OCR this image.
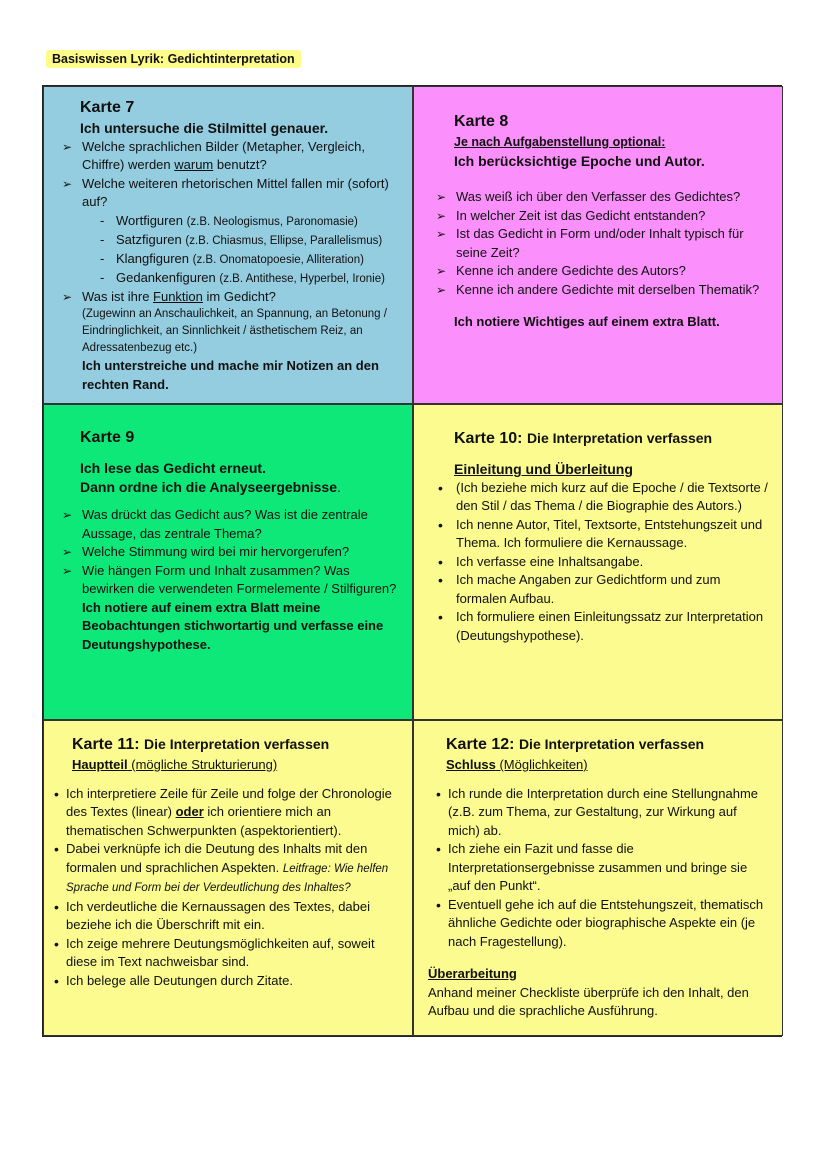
Basiswissen Lyrik: Gedichtinterpretation
Karte 7
Ich untersuche die Stilmittel genauer.
➢ Welche sprachlichen Bilder (Metapher, Vergleich, Chiffre) werden warum benutzt?
➢ Welche weiteren rhetorischen Mittel fallen mir (sofort) auf?
- Wortfiguren (z.B. Neologismus, Paronomasie)
- Satzfiguren (z.B. Chiasmus, Ellipse, Parallelismus)
- Klangfiguren (z.B. Onomatopoesie, Alliteration)
- Gedankenfiguren (z.B. Antithese, Hyperbel, Ironie)
➢ Was ist ihre Funktion im Gedicht?
(Zugewinn an Anschaulichkeit, an Spannung, an Betonung / Eindringlichkeit, an Sinnlichkeit / ästhetischem Reiz, an Adressatenbezug etc.)
Ich unterstreiche und mache mir Notizen an den rechten Rand.
Karte 8
Je nach Aufgabenstellung optional:
Ich berücksichtige Epoche und Autor.
➢ Was weiß ich über den Verfasser des Gedichtes?
➢ In welcher Zeit ist das Gedicht entstanden?
➢ Ist das Gedicht in Form und/oder Inhalt typisch für seine Zeit?
➢ Kenne ich andere Gedichte des Autors?
➢ Kenne ich andere Gedichte mit derselben Thematik?
Ich notiere Wichtiges auf einem extra Blatt.
Karte 9
Ich lese das Gedicht erneut.
Dann ordne ich die Analyseergebnisse.
➢ Was drückt das Gedicht aus? Was ist die zentrale Aussage, das zentrale Thema?
➢ Welche Stimmung wird bei mir hervorgerufen?
➢ Wie hängen Form und Inhalt zusammen? Was bewirken die verwendeten Formelemente / Stilfiguren?
Ich notiere auf einem extra Blatt meine Beobachtungen stichwortartig und verfasse eine Deutungshypothese.
Karte 10: Die Interpretation verfassen
Einleitung und Überleitung
• (Ich beziehe mich kurz auf die Epoche / die Textsorte / den Stil / das Thema / die Biographie des Autors.)
• Ich nenne Autor, Titel, Textsorte, Entstehungszeit und Thema. Ich formuliere die Kernaussage.
• Ich verfasse eine Inhaltsangabe.
• Ich mache Angaben zur Gedichtform und zum formalen Aufbau.
• Ich formuliere einen Einleitungssatz zur Interpretation (Deutungshypothese).
Karte 11: Die Interpretation verfassen
Hauptteil (mögliche Strukturierung)
• Ich interpretiere Zeile für Zeile und folge der Chronologie des Textes (linear) oder ich orientiere mich an thematischen Schwerpunkten (aspektorientiert).
• Dabei verknüpfe ich die Deutung des Inhalts mit den formalen und sprachlichen Aspekten. Leitfrage: Wie helfen Sprache und Form bei der Verdeutlichung des Inhaltes?
• Ich verdeutliche die Kernaussagen des Textes, dabei beziehe ich die Überschrift mit ein.
• Ich zeige mehrere Deutungsmöglichkeiten auf, soweit diese im Text nachweisbar sind.
• Ich belege alle Deutungen durch Zitate.
Karte 12: Die Interpretation verfassen
Schluss (Möglichkeiten)
• Ich runde die Interpretation durch eine Stellungnahme (z.B. zum Thema, zur Gestaltung, zur Wirkung auf mich) ab.
• Ich ziehe ein Fazit und fasse die Interpretationsergebnisse zusammen und bringe sie „auf den Punkt“.
• Eventuell gehe ich auf die Entstehungszeit, thematisch ähnliche Gedichte oder biographische Aspekte ein (je nach Fragestellung).
Überarbeitung
Anhand meiner Checkliste überprüfe ich den Inhalt, den Aufbau und die sprachliche Ausführung.
